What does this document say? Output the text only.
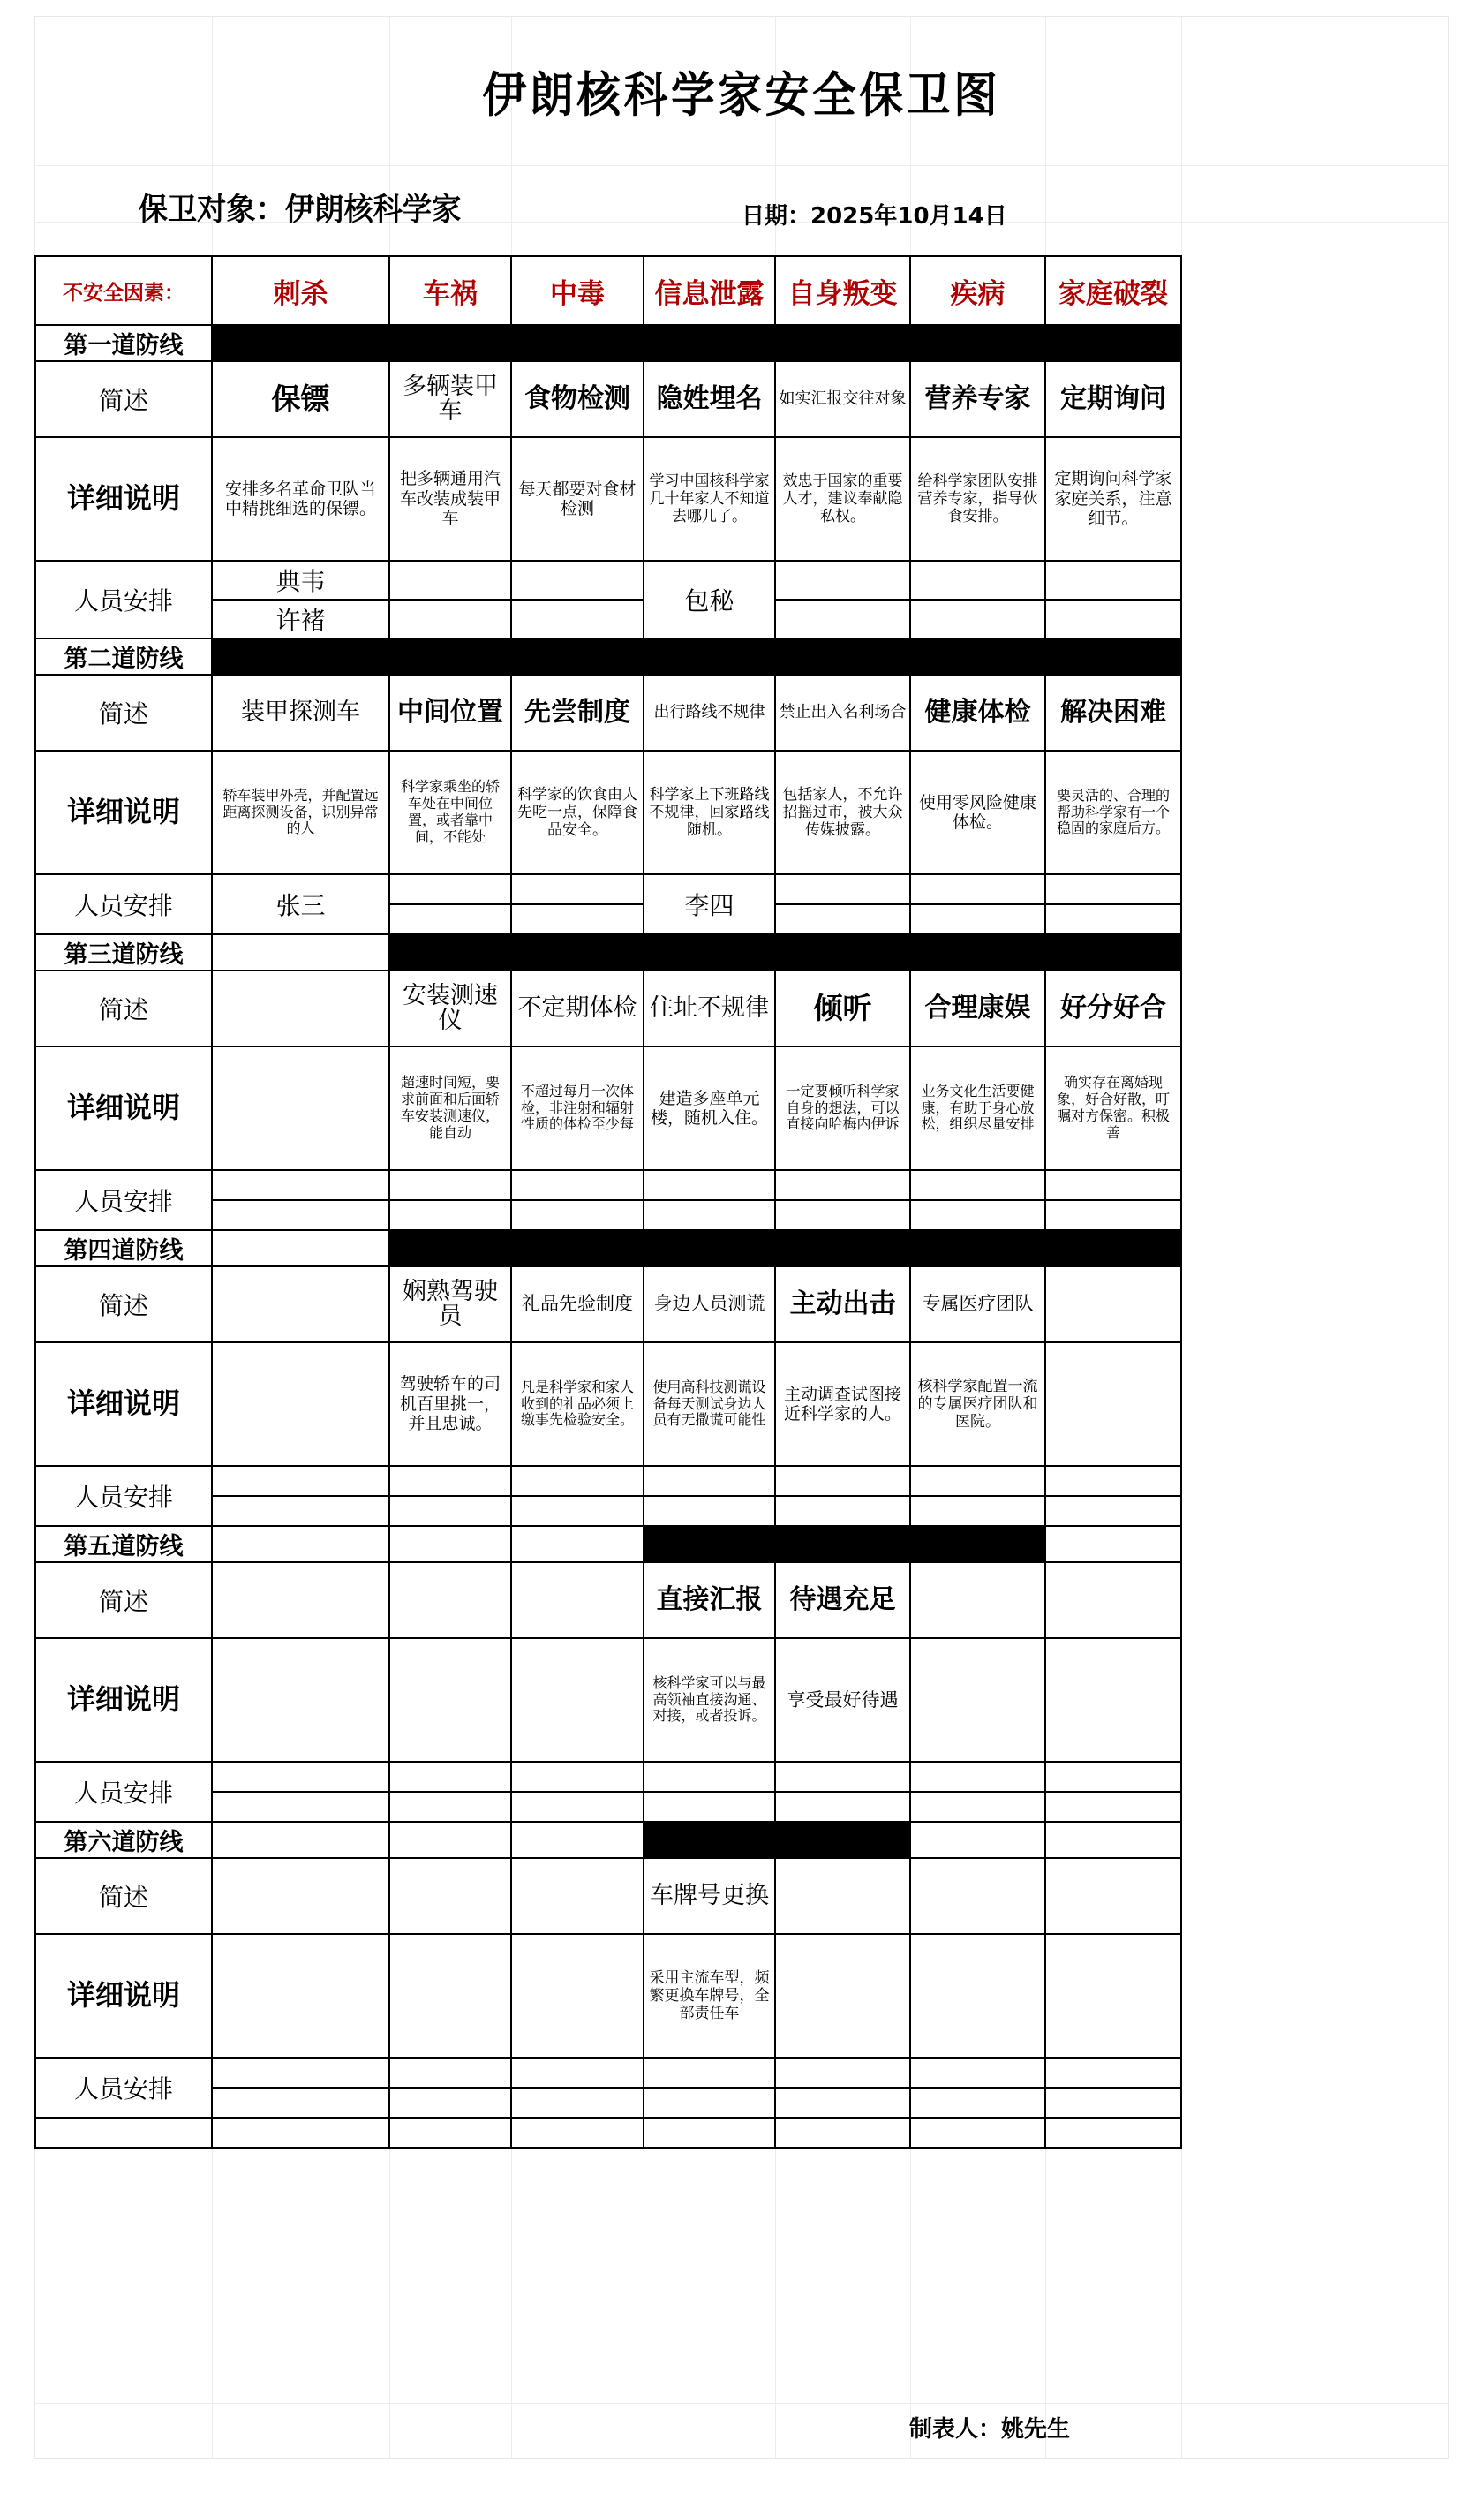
伊朗核科学家安全保卫图
保卫对象：伊朗核科学家	日期：2025年10月14日
不安全因素：	刺杀	车祸	中毒	信息泄露	自身叛变	疾病	家庭破裂
第一道防线							
简述	保镖	多辆装甲车	食物检测	隐姓埋名	如实汇报交往对象	营养专家	定期询问
详细说明	安排多名革命卫队当中精挑细选的保镖。	把多辆通用汽车改装成装甲车	每天都要对食材检测	学习中国核科学家几十年家人不知道去哪儿了。	效忠于国家的重要人才，建议奉献隐私权。	给科学家团队安排营养专家，指导伙食安排。	定期询问科学家家庭关系，注意细节。

人员安排	典韦			包秘			
	许褚						
第二道防线							
简述	装甲探测车	中间位置	先尝制度	出行路线不规律	禁止出入名利场合	健康体检	解决困难
详细说明	轿车装甲外壳，并配置远距离探测设备，识别异常的人	科学家乘坐的轿车处在中间位置，或者靠中间，不能处	科学家的饮食由人先吃一点，保障食品安全。	科学家上下班路线不规律，回家路线随机。	包括家人，不允许招摇过市，被大众传媒披露。	使用零风险健康体检。	要灵活的、合理的帮助科学家有一个稳固的家庭后方。

人员安排	张三			李四			

第三道防线							
简述		安装测速仪	不定期体检	住址不规律	倾听	合理康娱	好分好合
详细说明		超速时间短，要求前面和后面轿车安装测速仪，能自动	不超过每月一次体检，非注射和辐射性质的体检至少每	建造多座单元楼，随机入住。	一定要倾听科学家自身的想法，可以直接向哈梅内伊诉	业务文化生活要健康，有助于身心放松，组织尽量安排	确实存在离婚现象，好合好散，叮嘱对方保密。积极善

人员安排							

第四道防线							
简述		娴熟驾驶员	礼品先验制度	身边人员测谎	主动出击	专属医疗团队	
详细说明		驾驶轿车的司机百里挑一，并且忠诚。	凡是科学家和家人收到的礼品必须上缴事先检验安全。	使用高科技测谎设备每天测试身边人员有无撒谎可能性	主动调查试图接近科学家的人。	核科学家配置一流的专属医疗团队和医院。	

人员安排							

第五道防线							
简述				直接汇报	待遇充足		
详细说明				核科学家可以与最高领袖直接沟通、对接，或者投诉。	享受最好待遇		

人员安排							

第六道防线							
简述				车牌号更换			
详细说明				采用主流车型，频繁更换车牌号，全部责任车			

人员安排							

制表人：姚先生
